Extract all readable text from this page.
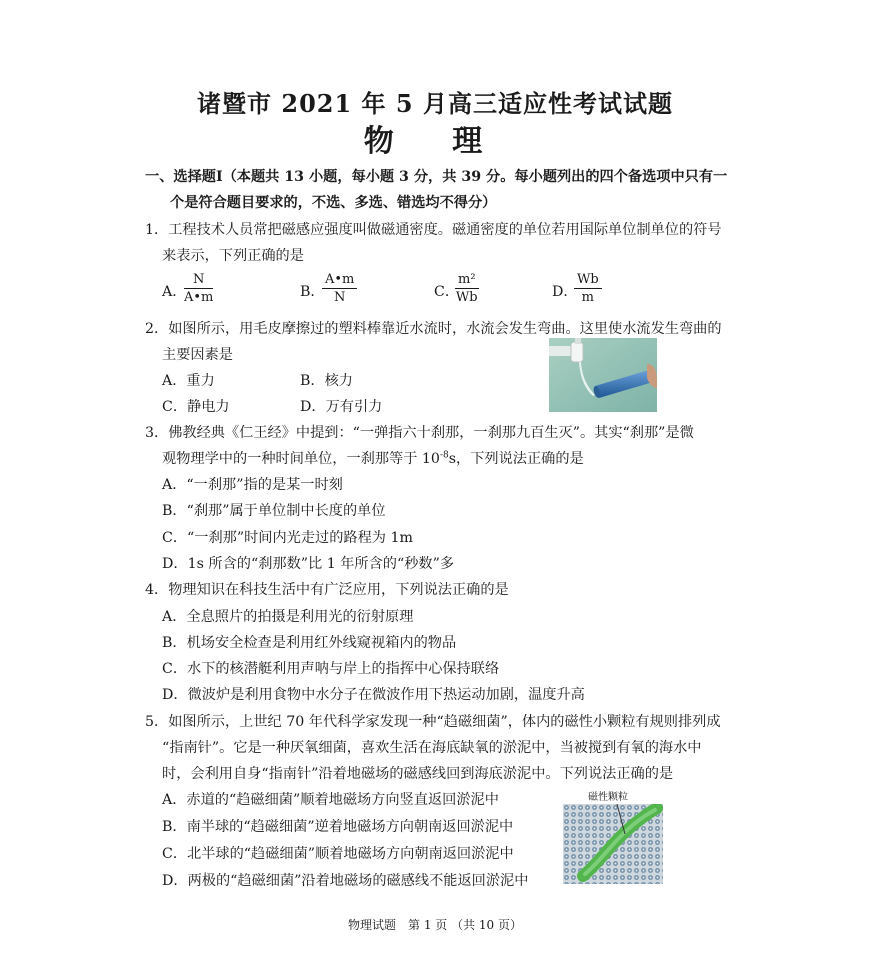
诸暨市 2021 年 5 月高三适应性考试试题
物 理
一、选择题Ⅰ（本题共 13 小题，每小题 3 分，共 39 分。每小题列出的四个备选项中只有一
个是符合题目要求的，不选、多选、错选均不得分）
1．工程技术人员常把磁感应强度叫做磁通密度。磁通密度的单位若用国际单位制单位的符号
来表示，下列正确的是
A．
$\frac{N}{A•m}$	B．
$\frac{A•m}{N}$	C．
$\frac{\text{m²}}{Wb}$	D．
$\frac{Wb}{m}$
2．如图所示，用毛皮摩擦过的塑料棒靠近水流时，水流会发生弯曲。这里使水流发生弯曲的
主要因素是
A．重力	B．核力
C．静电力	D．万有引力
3．佛教经典《仁王经》中提到：“一弹指六十刹那，一刹那九百生灭”。其实“刹那”是微
观物理学中的一种时间单位，一刹那等于 $10^{-8}s$，下列说法正确的是
A．“一刹那”指的是某一时刻
B．“刹那”属于单位制中长度的单位
C．“一刹那”时间内光走过的路程为 1m
D．1s 所含的“刹那数”比 1 年所含的“秒数”多
4．物理知识在科技生活中有广泛应用，下列说法正确的是
A．全息照片的拍摄是利用光的衍射原理
B．机场安全检查是利用红外线窥视箱内的物品
C．水下的核潜艇利用声呐与岸上的指挥中心保持联络
D．微波炉是利用食物中水分子在微波作用下热运动加剧，温度升高
5．如图所示，上世纪 70 年代科学家发现一种“趋磁细菌”，体内的磁性小颗粒有规则排列成
“指南针”。它是一种厌氧细菌，喜欢生活在海底缺氧的淤泥中，当被搅到有氧的海水中
时，会利用自身“指南针”沿着地磁场的磁感线回到海底淤泥中。下列说法正确的是
A．赤道的“趋磁细菌”顺着地磁场方向竖直返回淤泥中
B．南半球的“趋磁细菌”逆着地磁场方向朝南返回淤泥中
C．北半球的“趋磁细菌”顺着地磁场方向朝南返回淤泥中
D．两极的“趋磁细菌”沿着地磁场的磁感线不能返回淤泥中
磁性颗粒
物理试题　第 1 页 （共 10 页）
